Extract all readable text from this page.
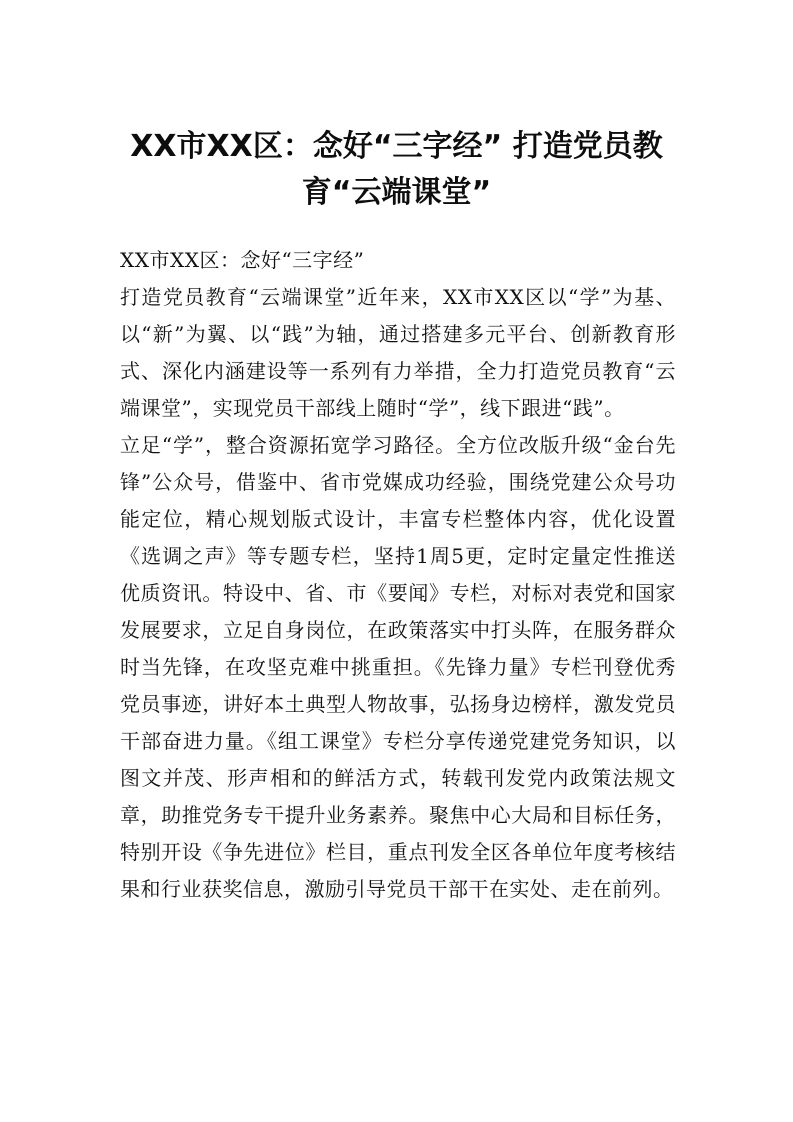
XX市XX区：念好“三字经” 打造党员教
育“云端课堂”

XX市XX区：念好“三字经”

打造党员教育“云端课堂”近年来，XX市XX区以“学”为基、以“新”为翼、以“践”为轴，通过搭建多元平台、创新教育形式、深化内涵建设等一系列有力举措，全力打造党员教育“云端课堂”，实现党员干部线上随时“学”，线下跟进“践”。

立足“学”，整合资源拓宽学习路径。全方位改版升级“金台先锋”公众号，借鉴中、省市党媒成功经验，围绕党建公众号功能定位，精心规划版式设计，丰富专栏整体内容，优化设置《选调之声》等专题专栏，坚持1周5更，定时定量定性推送优质资讯。特设中、省、市《要闻》专栏，对标对表党和国家发展要求，立足自身岗位，在政策落实中打头阵，在服务群众时当先锋，在攻坚克难中挑重担。《先锋力量》专栏刊登优秀党员事迹，讲好本土典型人物故事，弘扬身边榜样，激发党员干部奋进力量。《组工课堂》专栏分享传递党建党务知识，以图文并茂、形声相和的鲜活方式，转载刊发党内政策法规文章，助推党务专干提升业务素养。聚焦中心大局和目标任务，特别开设《争先进位》栏目，重点刊发全区各单位年度考核结果和行业获奖信息，激励引导党员干部干在实处、走在前列。
